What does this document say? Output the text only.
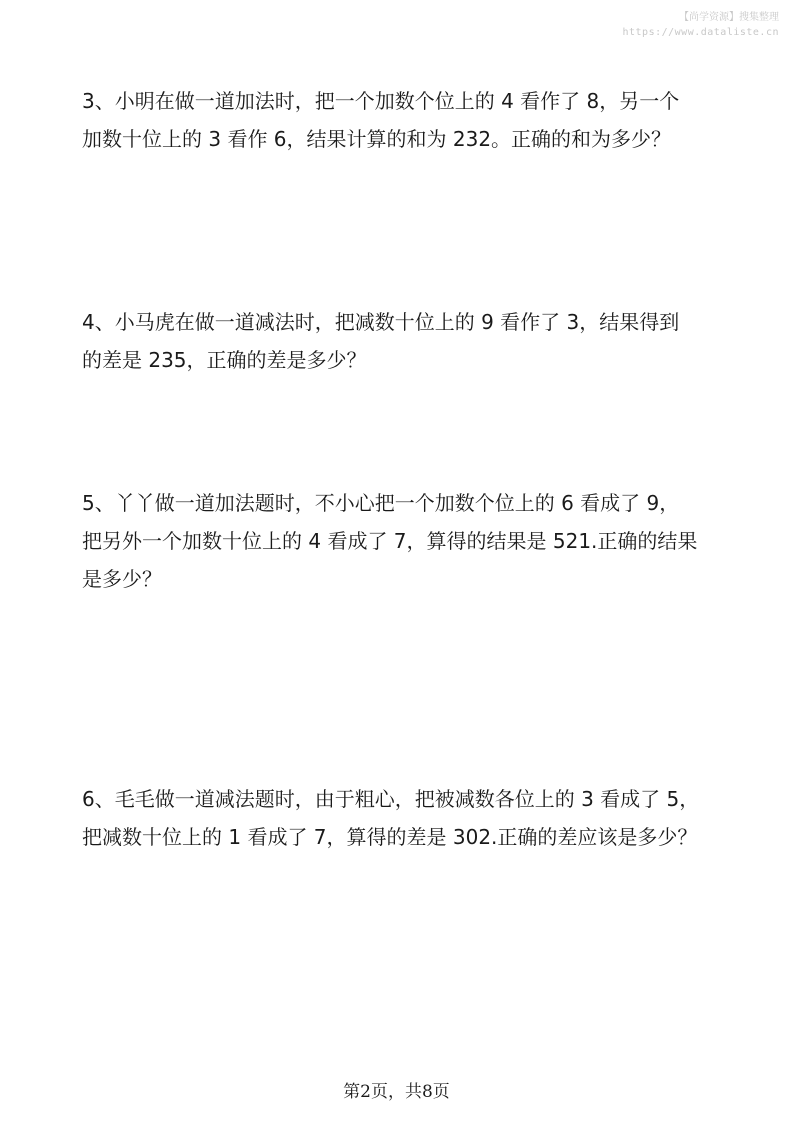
【尚学资源】搜集整理
https://www.dataliste.cn

3、小明在做一道加法时，把一个加数个位上的 4 看作了 8，另一个

加数十位上的 3 看作 6，结果计算的和为 232。正确的和为多少？

4、小马虎在做一道减法时，把减数十位上的 9 看作了 3，结果得到

的差是 235，正确的差是多少？

5、丫丫做一道加法题时，不小心把一个加数个位上的 6 看成了 9，

把另外一个加数十位上的 4 看成了 7，算得的结果是 521.正确的结果

是多少？

6、毛毛做一道减法题时，由于粗心，把被减数各位上的 3 看成了 5，

把减数十位上的 1 看成了 7，算得的差是 302.正确的差应该是多少？

第2页，共8页
